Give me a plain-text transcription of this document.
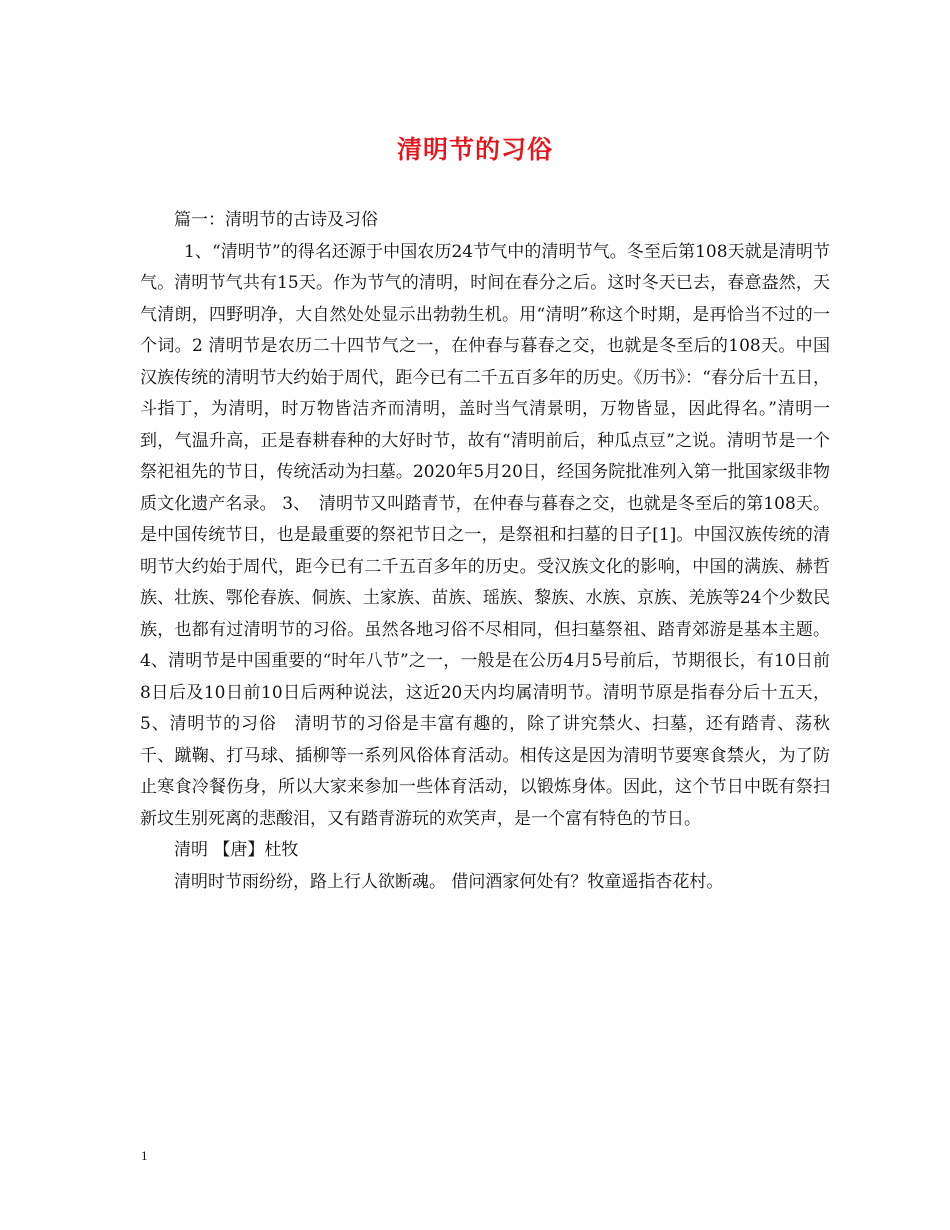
清明节的习俗

篇一：清明节的古诗及习俗

1、“清明节”的得名还源于中国农历24节气中的清明节气。冬至后第108天就是清明节气。清明节气共有15天。作为节气的清明，时间在春分之后。这时冬天已去，春意盎然，天气清朗，四野明净，大自然处处显示出勃勃生机。用“清明”称这个时期，是再恰当不过的一个词。2 清明节是农历二十四节气之一，在仲春与暮春之交，也就是冬至后的108天。中国汉族传统的清明节大约始于周代，距今已有二千五百多年的历史。《历书》：“春分后十五日，斗指丁，为清明，时万物皆洁齐而清明，盖时当气清景明，万物皆显，因此得名。”清明一到，气温升高，正是春耕春种的大好时节，故有“清明前后，种瓜点豆”之说。清明节是一个祭祀祖先的节日，传统活动为扫墓。2020年5月20日，经国务院批准列入第一批国家级非物质文化遗产名录。 3、　清明节又叫踏青节，在仲春与暮春之交，也就是冬至后的第108天。是中国传统节日，也是最重要的祭祀节日之一，是祭祖和扫墓的日子[1]。中国汉族传统的清明节大约始于周代，距今已有二千五百多年的历史。受汉族文化的影响，中国的满族、赫哲族、壮族、鄂伦春族、侗族、土家族、苗族、瑶族、黎族、水族、京族、羌族等24个少数民族，也都有过清明节的习俗。虽然各地习俗不尽相同，但扫墓祭祖、踏青郊游是基本主题。4、清明节是中国重要的“时年八节”之一，一般是在公历4月5号前后，节期很长，有10日前8日后及10日前10日后两种说法，这近20天内均属清明节。清明节原是指春分后十五天，5、清明节的习俗　清明节的习俗是丰富有趣的，除了讲究禁火、扫墓，还有踏青、荡秋千、蹴鞠、打马球、插柳等一系列风俗体育活动。相传这是因为清明节要寒食禁火，为了防止寒食冷餐伤身，所以大家来参加一些体育活动，以锻炼身体。因此，这个节日中既有祭扫新坟生别死离的悲酸泪，又有踏青游玩的欢笑声，是一个富有特色的节日。

清明 【唐】杜牧

清明时节雨纷纷，路上行人欲断魂。 借问酒家何处有？牧童遥指杏花村。

1
